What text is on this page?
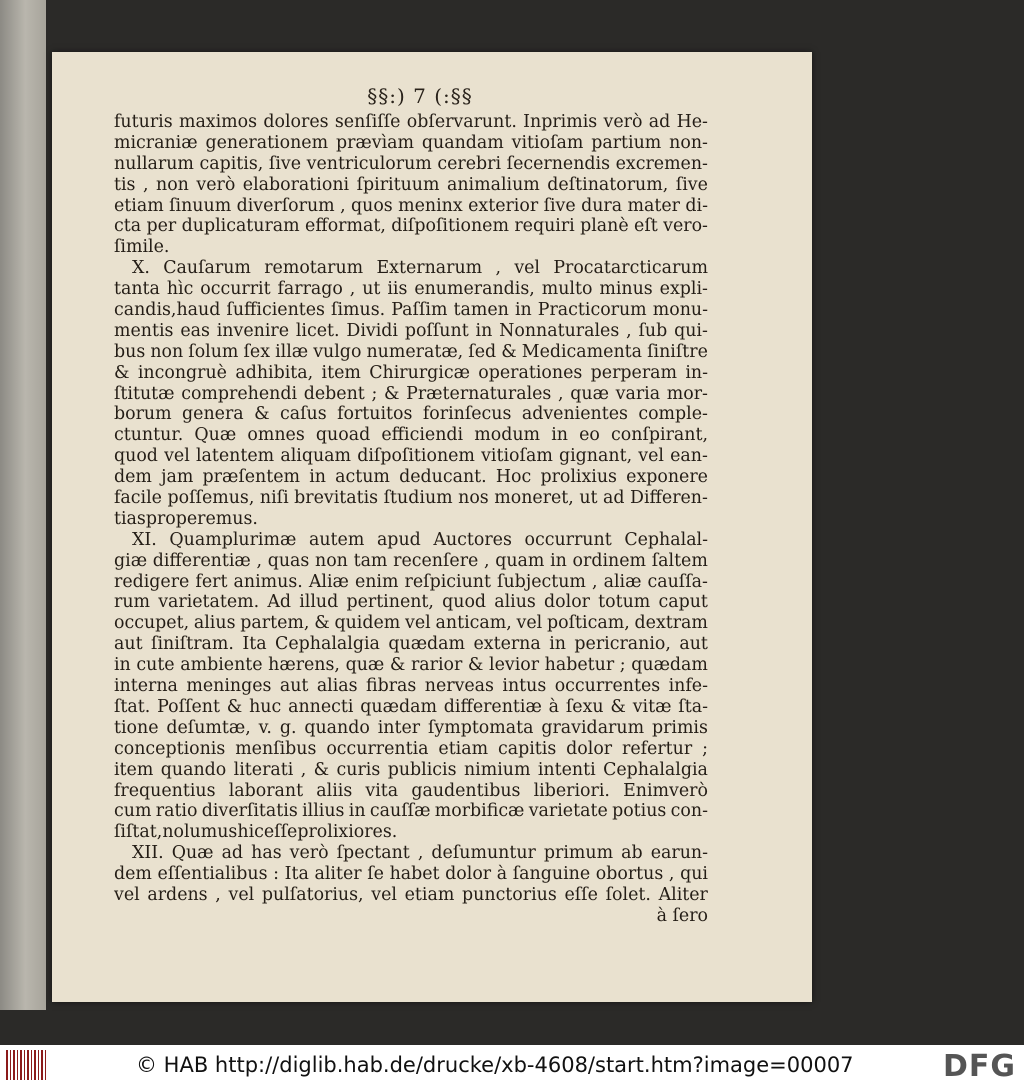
§§:) 7 (:§§
futuris maximos dolores senſiſſe obſervarunt. Inprimis verò ad He-
micraniæ generationem prævìam quandam vitioſam partium non-
nullarum capitis, ſive ventriculorum cerebri ſecernendis excremen-
tis , non verò elaborationi ſpirituum animalium deſtinatorum, ſive
etiam ſinuum diverſorum , quos meninx exterior ſive dura mater di-
cta per duplicaturam efformat, diſpoſitionem requiri planè eſt vero-
ſimile.
X. Cauſarum remotarum Externarum , vel Procatarcticarum
tanta hìc occurrit farrago , ut iis enumerandis, multo minus expli-
candis,haud ſufficientes ſimus. Paſſim tamen in Practicorum monu-
mentis eas invenire licet. Dividi poſſunt in Nonnaturales , ſub qui-
bus non ſolum ſex illæ vulgo numeratæ, ſed & Medicamenta ſiniſtre
& incongruè adhibita, item Chirurgicæ operationes perperam in-
ſtitutæ comprehendi debent ; & Præternaturales , quæ varia mor-
borum genera & caſus fortuitos forinſecus advenientes comple-
ctuntur. Quæ omnes quoad efficiendi modum in eo conſpirant,
quod vel latentem aliquam diſpoſitionem vitioſam gignant, vel ean-
dem jam præſentem in actum deducant. Hoc prolixius exponere
facile poſſemus, niſi brevitatis ſtudium nos moneret, ut ad Differen-
tias properemus.
XI. Quamplurimæ autem apud Auctores occurrunt Cephalal-
giæ differentiæ , quas non tam recenſere , quam in ordinem ſaltem
redigere fert animus. Aliæ enim reſpiciunt ſubjectum , aliæ cauſſa-
rum varietatem. Ad illud pertinent, quod alius dolor totum caput
occupet, alius partem, & quidem vel anticam, vel poſticam, dextram
aut ſiniſtram. Ita Cephalalgia quædam externa in pericranio, aut
in cute ambiente hærens, quæ & rarior & levior habetur ; quædam
interna meninges aut alias fibras nerveas intus occurrentes infe-
ſtat. Poſſent & huc annecti quædam differentiæ à ſexu & vitæ ſta-
tione deſumtæ, v. g. quando inter ſymptomata gravidarum primis
conceptionis menſibus occurrentia etiam capitis dolor refertur ;
item quando literati , & curis publicis nimium intenti Cephalalgia
frequentius laborant aliis vita gaudentibus liberiori. Enimverò
cum ratio diverſitatis illius in cauſſæ morbificæ varietate potius con-
ſiſtat, nolumus hic eſſe prolixiores.
XII. Quæ ad has verò ſpectant , deſumuntur primum ab earun-
dem eſſentialibus : Ita aliter ſe habet dolor à ſanguine obortus , qui
vel ardens , vel pulſatorius, vel etiam punctorius eſſe ſolet. Aliter
à ſero
© HAB http://diglib.hab.de/drucke/xb-4608/start.htm?image=00007	DFG
